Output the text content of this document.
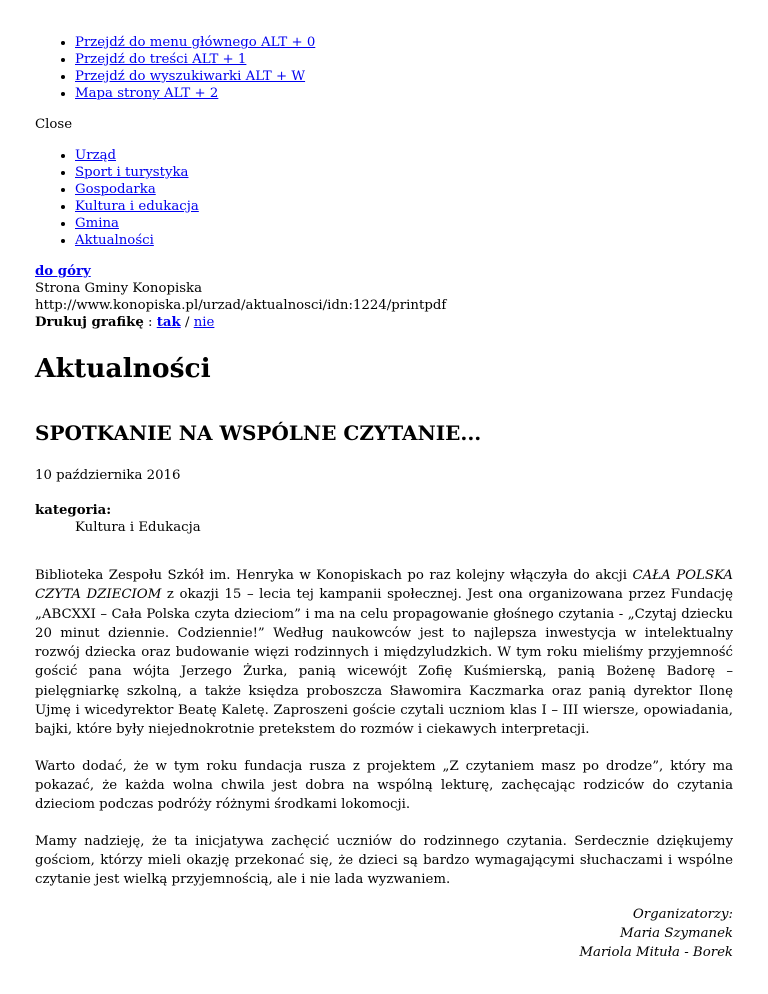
• Przejdź do menu głównego ALT + 0
• Przejdź do treści ALT + 1
• Przejdź do wyszukiwarki ALT + W
• Mapa strony ALT + 2
Close
• Urząd
• Sport i turystyka
• Gospodarka
• Kultura i edukacja
• Gmina
• Aktualności
do góry
Strona Gminy Konopiska
http://www.konopiska.pl/urzad/aktualnosci/idn:1224/printpdf
Drukuj grafikę : tak / nie
Aktualności
SPOTKANIE NA WSPÓLNE CZYTANIE...
10 października 2016
kategoria:
Kultura i Edukacja
Biblioteka Zespołu Szkół im. Henryka w Konopiskach po raz kolejny włączyła do akcji CAŁA POLSKA CZYTA DZIECIOM z okazji 15 – lecia tej kampanii społecznej. Jest ona organizowana przez Fundację „ABCXXI – Cała Polska czyta dzieciom” i ma na celu propagowanie głośnego czytania - „Czytaj dziecku 20 minut dziennie. Codziennie!” Według naukowców jest to najlepsza inwestycja w intelektualny rozwój dziecka oraz budowanie więzi rodzinnych i międzyludzkich. W tym roku mieliśmy przyjemność gościć pana wójta Jerzego Żurka, panią wicewójt Zofię Kuśmierską, panią Bożenę Badorę – pielęgniarkę szkolną, a także księdza proboszcza Sławomira Kaczmarka oraz panią dyrektor Ilonę Ujmę i wicedyrektor Beatę Kaletę. Zaproszeni goście czytali uczniom klas I – III wiersze, opowiadania, bajki, które były niejednokrotnie pretekstem do rozmów i ciekawych interpretacji.
Warto dodać, że w tym roku fundacja rusza z projektem „Z czytaniem masz po drodze”, który ma pokazać, że każda wolna chwila jest dobra na wspólną lekturę, zachęcając rodziców do czytania dzieciom podczas podróży różnymi środkami lokomocji.
Mamy nadzieję, że ta inicjatywa zachęcić uczniów do rodzinnego czytania. Serdecznie dziękujemy gościom, którzy mieli okazję przekonać się, że dzieci są bardzo wymagającymi słuchaczami i wspólne czytanie jest wielką przyjemnością, ale i nie lada wyzwaniem.
Organizatorzy:
Maria Szymanek
Mariola Mituła - Borek
